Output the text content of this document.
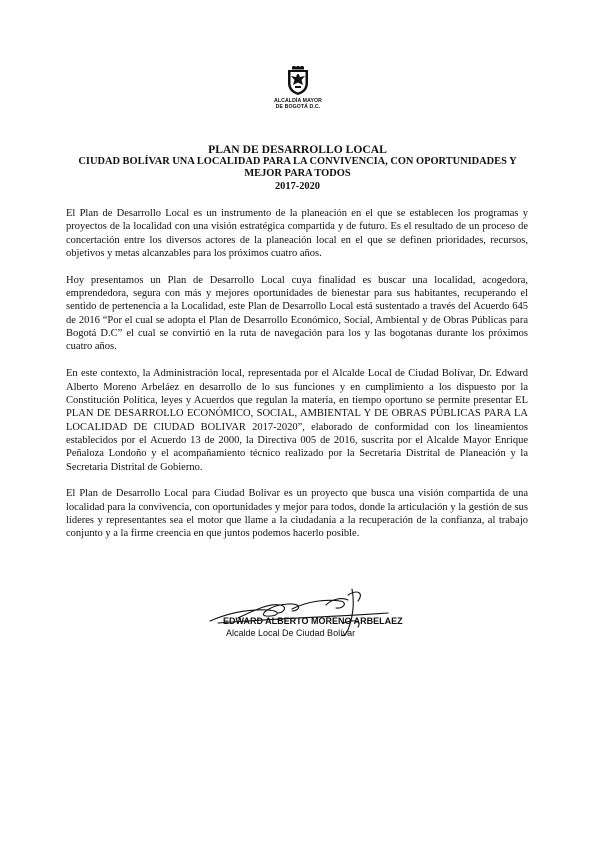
ALCALDÍA MAYOR
DE BOGOTÁ D.C.
PLAN DE DESARROLLO LOCAL
CIUDAD BOLÍVAR UNA LOCALIDAD PARA LA CONVIVENCIA, CON OPORTUNIDADES Y MEJOR PARA TODOS
2017-2020

El Plan de Desarrollo Local es un instrumento de la planeación en el que se establecen los programas y proyectos de la localidad con una visión estratégica compartida y de futuro. Es el resultado de un proceso de concertación entre los diversos actores de la planeación local en el que se definen prioridades, recursos, objetivos y metas alcanzables para los próximos cuatro años.

Hoy presentamos un Plan de Desarrollo Local cuya finalidad es buscar una localidad, acogedora, emprendedora, segura con más y mejores oportunidades de bienestar para sus habitantes, recuperando el sentido de pertenencia a la Localidad, este Plan de Desarrollo Local está sustentado a través del Acuerdo 645 de 2016 “Por el cual se adopta el Plan de Desarrollo Económico, Social, Ambiental y de Obras Públicas para Bogotá D.C” el cual se convirtió en la ruta de navegación para los y las bogotanas durante los próximos cuatro años.

En este contexto, la Administración local, representada por el Alcalde Local de Ciudad Bolívar, Dr. Edward Alberto Moreno Arbeláez en desarrollo de lo sus funciones y en cumplimiento a los dispuesto por la Constitución Política, leyes y Acuerdos que regulan la materia, en tiempo oportuno se permite presentar EL PLAN DE DESARROLLO ECONÓMICO, SOCIAL, AMBIENTAL Y DE OBRAS PÚBLICAS PARA LA LOCALIDAD DE CIUDAD BOLIVAR 2017-2020”, elaborado de conformidad con los lineamientos establecidos por el Acuerdo 13 de 2000, la Directiva 005 de 2016, suscrita por el Alcalde Mayor Enrique Peñaloza Londoño y el acompañamiento técnico realizado por la Secretaria Distrital de Planeación y la Secretaria Distrital de Gobierno.

El Plan de Desarrollo Local para Ciudad Bolívar es un proyecto que busca una visión compartida de una localidad para la convivencia, con oportunidades y mejor para todos, donde la articulación y la gestión de sus líderes y representantes sea el motor que llame a la ciudadanía a la recuperación de la confianza, al trabajo conjunto y a la firme creencia en que juntos podemos hacerlo posible.

EDWARD ALBERTO MORENO ARBELAEZ
Alcalde Local De Ciudad Bolívar
